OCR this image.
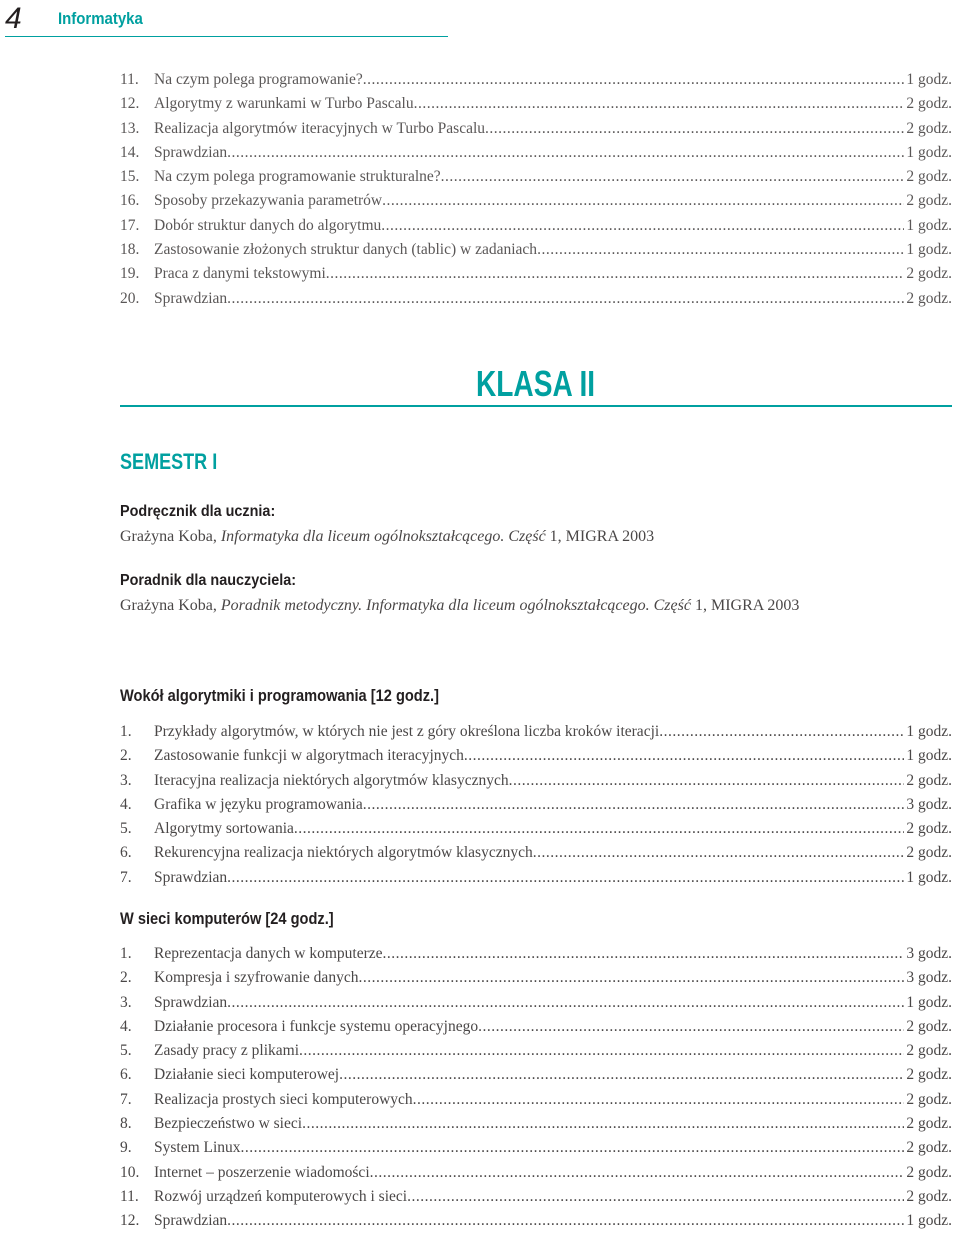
4 Informatyka
11. Na czym polega programowanie? .....	1 godz.
12. Algorytmy z warunkami w Turbo Pascalu .....	2 godz.
13. Realizacja algorytmów iteracyjnych w Turbo Pascalu .....	2 godz.
14. Sprawdzian .....	1 godz.
15. Na czym polega programowanie strukturalne? .....	2 godz.
16. Sposoby przekazywania parametrów .....	2 godz.
17. Dobór struktur danych do algorytmu .....	1 godz.
18. Zastosowanie złożonych struktur danych (tablic) w zadaniach .....	1 godz.
19. Praca z danymi tekstowymi .....	2 godz.
20. Sprawdzian .....	2 godz.
KLASA II
SEMESTR I
Podręcznik dla ucznia:
Grażyna Koba, Informatyka dla liceum ogólnokształcącego. Część 1, MIGRA 2003
Poradnik dla nauczyciela:
Grażyna Koba, Poradnik metodyczny. Informatyka dla liceum ogólnokształcącego. Część 1, MIGRA 2003
Wokół algorytmiki i programowania [12 godz.]
1.	Przykłady algorytmów, w których nie jest z góry określona liczba kroków iteracji .....	1 godz.
2.	Zastosowanie funkcji w algorytmach iteracyjnych .....	1 godz.
3.	Iteracyjna realizacja niektórych algorytmów klasycznych .....	2 godz.
4.	Grafika w języku programowania .....	3 godz.
5.	Algorytmy sortowania .....	2 godz.
6.	Rekurencyjna realizacja niektórych algorytmów klasycznych .....	2 godz.
7.	Sprawdzian .....	1 godz.
W sieci komputerów [24 godz.]
1.	Reprezentacja danych w komputerze .....	3 godz.
2.	Kompresja i szyfrowanie danych .....	3 godz.
3.	Sprawdzian .....	1 godz.
4.	Działanie procesora i funkcje systemu operacyjnego .....	2 godz.
5.	Zasady pracy z plikami .....	2 godz.
6.	Działanie sieci komputerowej .....	2 godz.
7.	Realizacja prostych sieci komputerowych .....	2 godz.
8.	Bezpieczeństwo w sieci .....	2 godz.
9.	System Linux .....	2 godz.
10. Internet – poszerzenie wiadomości .....	2 godz.
11. Rozwój urządzeń komputerowych i sieci .....	2 godz.
12. Sprawdzian .....	1 godz.
